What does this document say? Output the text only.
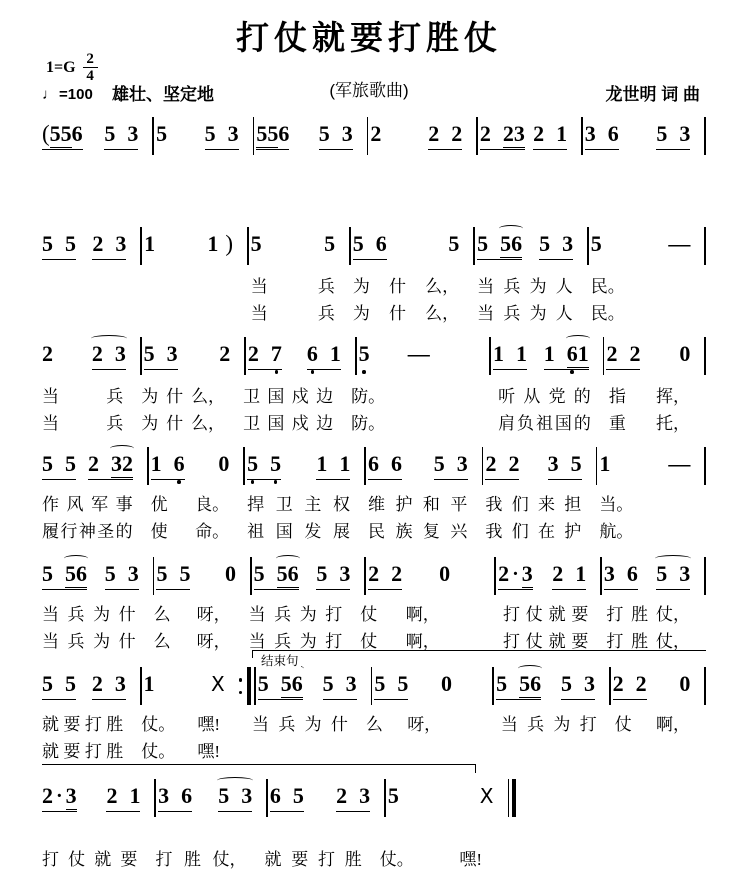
打仗就要打胜仗
(军旅歌曲)
$1=G \frac{2}{4}$
♩ =100 雄壮、坚定地	龙世明 词 曲
( 5 5 6 5 3 5 5 3 5 5 6 5 3 2 2 2 2 2 3 2 1 3 6 5 3
5 5 2 3 1 1 ) 5	5 5 6	5 5 5 6 5 3 5	—
当	兵 为 什 么， 当 兵 为 人 民。
当	兵 为 什 么， 当 兵 为 人 民。
2 2 3 5 3 2 2 7 6 1 5 —	1 1 1 6 1 2 2 0
当	兵 为 什 么， 卫 国 戍 边 防。	听 从 党 的 指 挥，
当	兵 为 什 么， 卫 国 戍 边 防。	肩 负 祖 国 的 重 托，
5 5 2 3 2 1 6 0 5 5 1 1 6 6 5 3 2 2 3 5 1	—
作 风 军 事 优 良。 捍 卫 主 权 维 护 和 平 我 们 来 担 当。
履 行 神 圣 的 使 命。 祖 国 发 展 民 族 复 兴 我 们 在 护 航。
5 5 6 5 3 5 5 0 5 5 6 5 3 2 2 0 2 · 3 2 1 3 6 5 3
当 兵 为 什 么 呀， 当 兵 为 打 仗 啊，	打 仗 就 要 打 胜 仗，
当 兵 为 什 么 呀， 当 兵 为 打 仗 啊，	打 仗 就 要 打 胜 仗，
5 5 2 3 1	X 5 5 6 5 3 5 5 0 5 5 6 5 3 2 2 0
就 要 打 胜 仗。 嘿! 当 兵 为 什 么 呀，	当 兵 为 打 仗 啊，
就 要 打 胜 仗。 嘿!
2 · 3 2 1 3 6 5 3 6 5 2 3 5	X
打 仗 就 要 打 胜 仗， 就 要 打 胜 仗。	嘿!
结束句
